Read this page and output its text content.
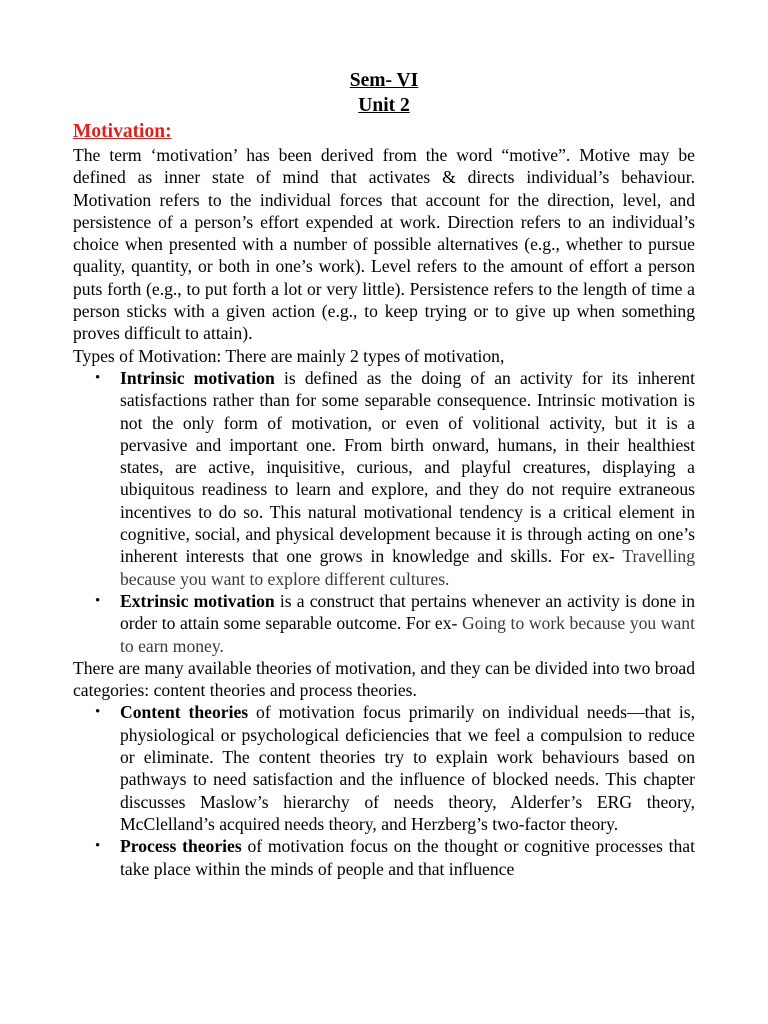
Sem- VI
Unit 2
Motivation:

The term ‘motivation’ has been derived from the word “motive”. Motive may be defined as inner state of mind that activates & directs individual’s behaviour. Motivation refers to the individual forces that account for the direction, level, and persistence of a person’s effort expended at work. Direction refers to an individual’s choice when presented with a number of possible alternatives (e.g., whether to pursue quality, quantity, or both in one’s work). Level refers to the amount of effort a person puts forth (e.g., to put forth a lot or very little). Persistence refers to the length of time a person sticks with a given action (e.g., to keep trying or to give up when something proves difficult to attain).

Types of Motivation: There are mainly 2 types of motivation,

• Intrinsic motivation is defined as the doing of an activity for its inherent satisfactions rather than for some separable consequence. Intrinsic motivation is not the only form of motivation, or even of volitional activity, but it is a pervasive and important one. From birth onward, humans, in their healthiest states, are active, inquisitive, curious, and playful creatures, displaying a ubiquitous readiness to learn and explore, and they do not require extraneous incentives to do so. This natural motivational tendency is a critical element in cognitive, social, and physical development because it is through acting on one’s inherent interests that one grows in knowledge and skills. For ex- Travelling because you want to explore different cultures.
• Extrinsic motivation is a construct that pertains whenever an activity is done in order to attain some separable outcome. For ex- Going to work because you want to earn money.

There are many available theories of motivation, and they can be divided into two broad categories: content theories and process theories.

• Content theories of motivation focus primarily on individual needs—that is, physiological or psychological deficiencies that we feel a compulsion to reduce or eliminate. The content theories try to explain work behaviours based on pathways to need satisfaction and the influence of blocked needs. This chapter discusses Maslow’s hierarchy of needs theory, Alderfer’s ERG theory, McClelland’s acquired needs theory, and Herzberg’s two-factor theory.
• Process theories of motivation focus on the thought or cognitive processes that take place within the minds of people and that influence
